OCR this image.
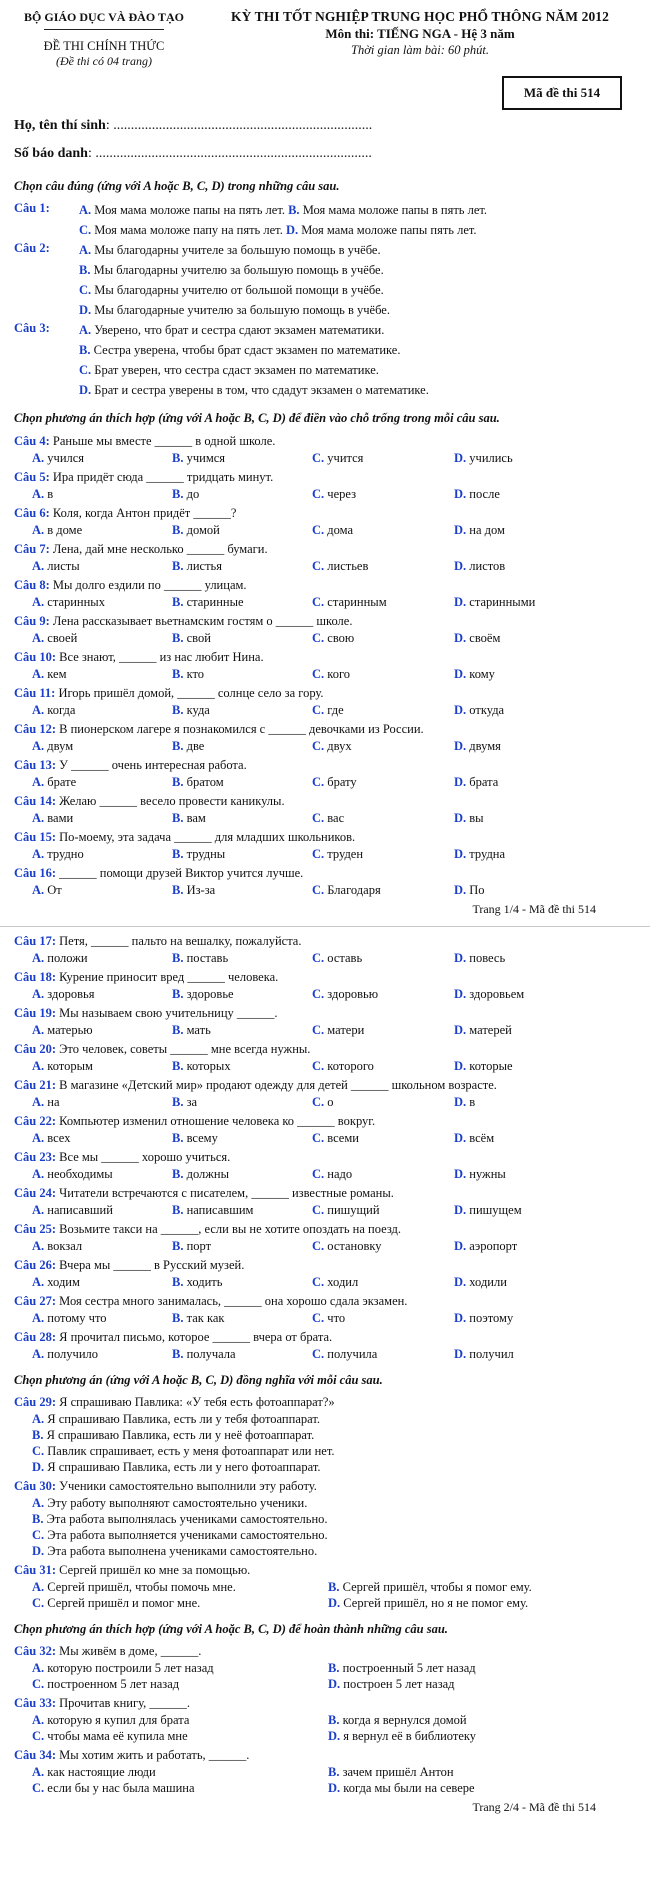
BỘ GIÁO DỤC VÀ ĐÀO TẠO
ĐỀ THI CHÍNH THỨC
(Đề thi có 04 trang)
KỲ THI TỐT NGHIỆP TRUNG HỌC PHỔ THÔNG NĂM 2012
Môn thi: TIẾNG NGA - Hệ 3 năm
Thời gian làm bài: 60 phút.
Mã đề thi 514
Họ, tên thí sinh: ..........................................................................
Số báo danh: ...............................................................................
Chọn câu đúng (ứng với A hoặc B, C, D) trong những câu sau.
Câu 1:	A. Моя мама моложе папы на пять лет. B. Моя мама моложе папы в пять лет.
C. Моя мама моложе папу на пять лет. D. Моя мама моложе папы пять лет.
Câu 2:	A. Мы благодарны учителе за большую помощь в учёбе.
B. Мы благодарны учителю за большую помощь в учёбе.
C. Мы благодарны учителю от большой помощи в учёбе.
D. Мы благодарные учителю за большую помощь в учёбе.
Câu 3:	A. Уверено, что брат и сестра сдают экзамен математики.
B. Сестра уверена, чтобы брат сдаст экзамен по математике.
C. Брат уверен, что сестра сдаст экзамен по математике.
D. Брат и сестра уверены в том, что сдадут экзамен о математике.
Chọn phương án thích hợp (ứng với A hoặc B, C, D) để điền vào chỗ trống trong mỗi câu sau.
Câu 4: Раньше мы вместе ______ в одной школе.
A. учился	B. учимся	C. учится	D. учились
Câu 5: Ира придёт сюда ______ тридцать минут.
A. в	B. до	C. через	D. после
Câu 6: Коля, когда Антон придёт ______?
A. в доме	B. домой	C. дома	D. на дом
Câu 7: Лена, дай мне несколько ______ бумаги.
A. листы	B. листья	C. листьев	D. листов
Câu 8: Мы долго ездили по ______ улицам.
A. старинных	B. старинные	C. старинным	D. старинными
Câu 9: Лена рассказывает вьетнамским гостям о ______ школе.
A. своей	B. свой	C. свою	D. своём
Câu 10: Все знают, ______ из нас любит Нина.
A. кем	B. кто	C. кого	D. кому
Câu 11: Игорь пришёл домой, ______ солнце село за гору.
A. когда	B. куда	C. где	D. откуда
Câu 12: В пионерском лагере я познакомился с ______ девочками из России.
A. двум	B. две	C. двух	D. двумя
Câu 13: У ______ очень интересная работа.
A. брате	B. братом	C. брату	D. брата
Câu 14: Желаю ______ весело провести каникулы.
A. вами	B. вам	C. вас	D. вы
Câu 15: По-моему, эта задача ______ для младших школьников.
A. трудно	B. трудны	C. труден	D. трудна
Câu 16: ______ помощи друзей Виктор учится лучше.
A. От	B. Из-за	C. Благодаря	D. По
Trang 1/4 - Mã đề thi 514
Câu 17: Петя, ______ пальто на вешалку, пожалуйста.
A. положи	B. поставь	C. оставь	D. повесь
Câu 18: Курение приносит вред ______ человека.
A. здоровья	B. здоровье	C. здоровью	D. здоровьем
Câu 19: Мы называем свою учительницу ______.
A. матерью	B. мать	C. матери	D. матерей
Câu 20: Это человек, советы ______ мне всегда нужны.
A. которым	B. которых	C. которого	D. которые
Câu 21: В магазине «Детский мир» продают одежду для детей ______ школьном возрасте.
A. на	B. за	C. о	D. в
Câu 22: Компьютер изменил отношение человека ко ______ вокруг.
A. всех	B. всему	C. всеми	D. всём
Câu 23: Все мы ______ хорошо учиться.
A. необходимы	B. должны	C. надо	D. нужны
Câu 24: Читатели встречаются с писателем, ______ известные романы.
A. написавший	B. написавшим	C. пишущий	D. пишущем
Câu 25: Возьмите такси на ______, если вы не хотите опоздать на поезд.
A. вокзал	B. порт	C. остановку	D. аэропорт
Câu 26: Вчера мы ______ в Русский музей.
A. ходим	B. ходить	C. ходил	D. ходили
Câu 27: Моя сестра много занималась, ______ она хорошо сдала экзамен.
A. потому что	B. так как	C. что	D. поэтому
Câu 28: Я прочитал письмо, которое ______ вчера от брата.
A. получило	B. получала	C. получила	D. получил
Chọn phương án (ứng với A hoặc B, C, D) đồng nghĩa với mỗi câu sau.
Câu 29: Я спрашиваю Павлика: «У тебя есть фотоаппарат?»
A. Я спрашиваю Павлика, есть ли у тебя фотоаппарат.
B. Я спрашиваю Павлика, есть ли у неё фотоаппарат.
C. Павлик спрашивает, есть у меня фотоаппарат или нет.
D. Я спрашиваю Павлика, есть ли у него фотоаппарат.
Câu 30: Ученики самостоятельно выполнили эту работу.
A. Эту работу выполняют самостоятельно ученики.
B. Эта работа выполнялась учениками самостоятельно.
C. Эта работа выполняется учениками самостоятельно.
D. Эта работа выполнена учениками самостоятельно.
Câu 31: Сергей пришёл ко мне за помощью.
A. Сергей пришёл, чтобы помочь мне.	B. Сергей пришёл, чтобы я помог ему.
C. Сергей пришёл и помог мне.	D. Сергей пришёл, но я не помог ему.
Chọn phương án thích hợp (ứng với A hoặc B, C, D) để hoàn thành những câu sau.
Câu 32: Мы живём в доме, ______.
A. которую построили 5 лет назад	B. построенный 5 лет назад
C. построенном 5 лет назад	D. построен 5 лет назад
Câu 33: Прочитав книгу, ______.
A. которую я купил для брата	B. когда я вернулся домой
C. чтобы мама её купила мне	D. я вернул её в библиотеку
Câu 34: Мы хотим жить и работать, ______.
A. как настоящие люди	B. зачем пришёл Антон
C. если бы у нас была машина	D. когда мы были на севере
Trang 2/4 - Mã đề thi 514
